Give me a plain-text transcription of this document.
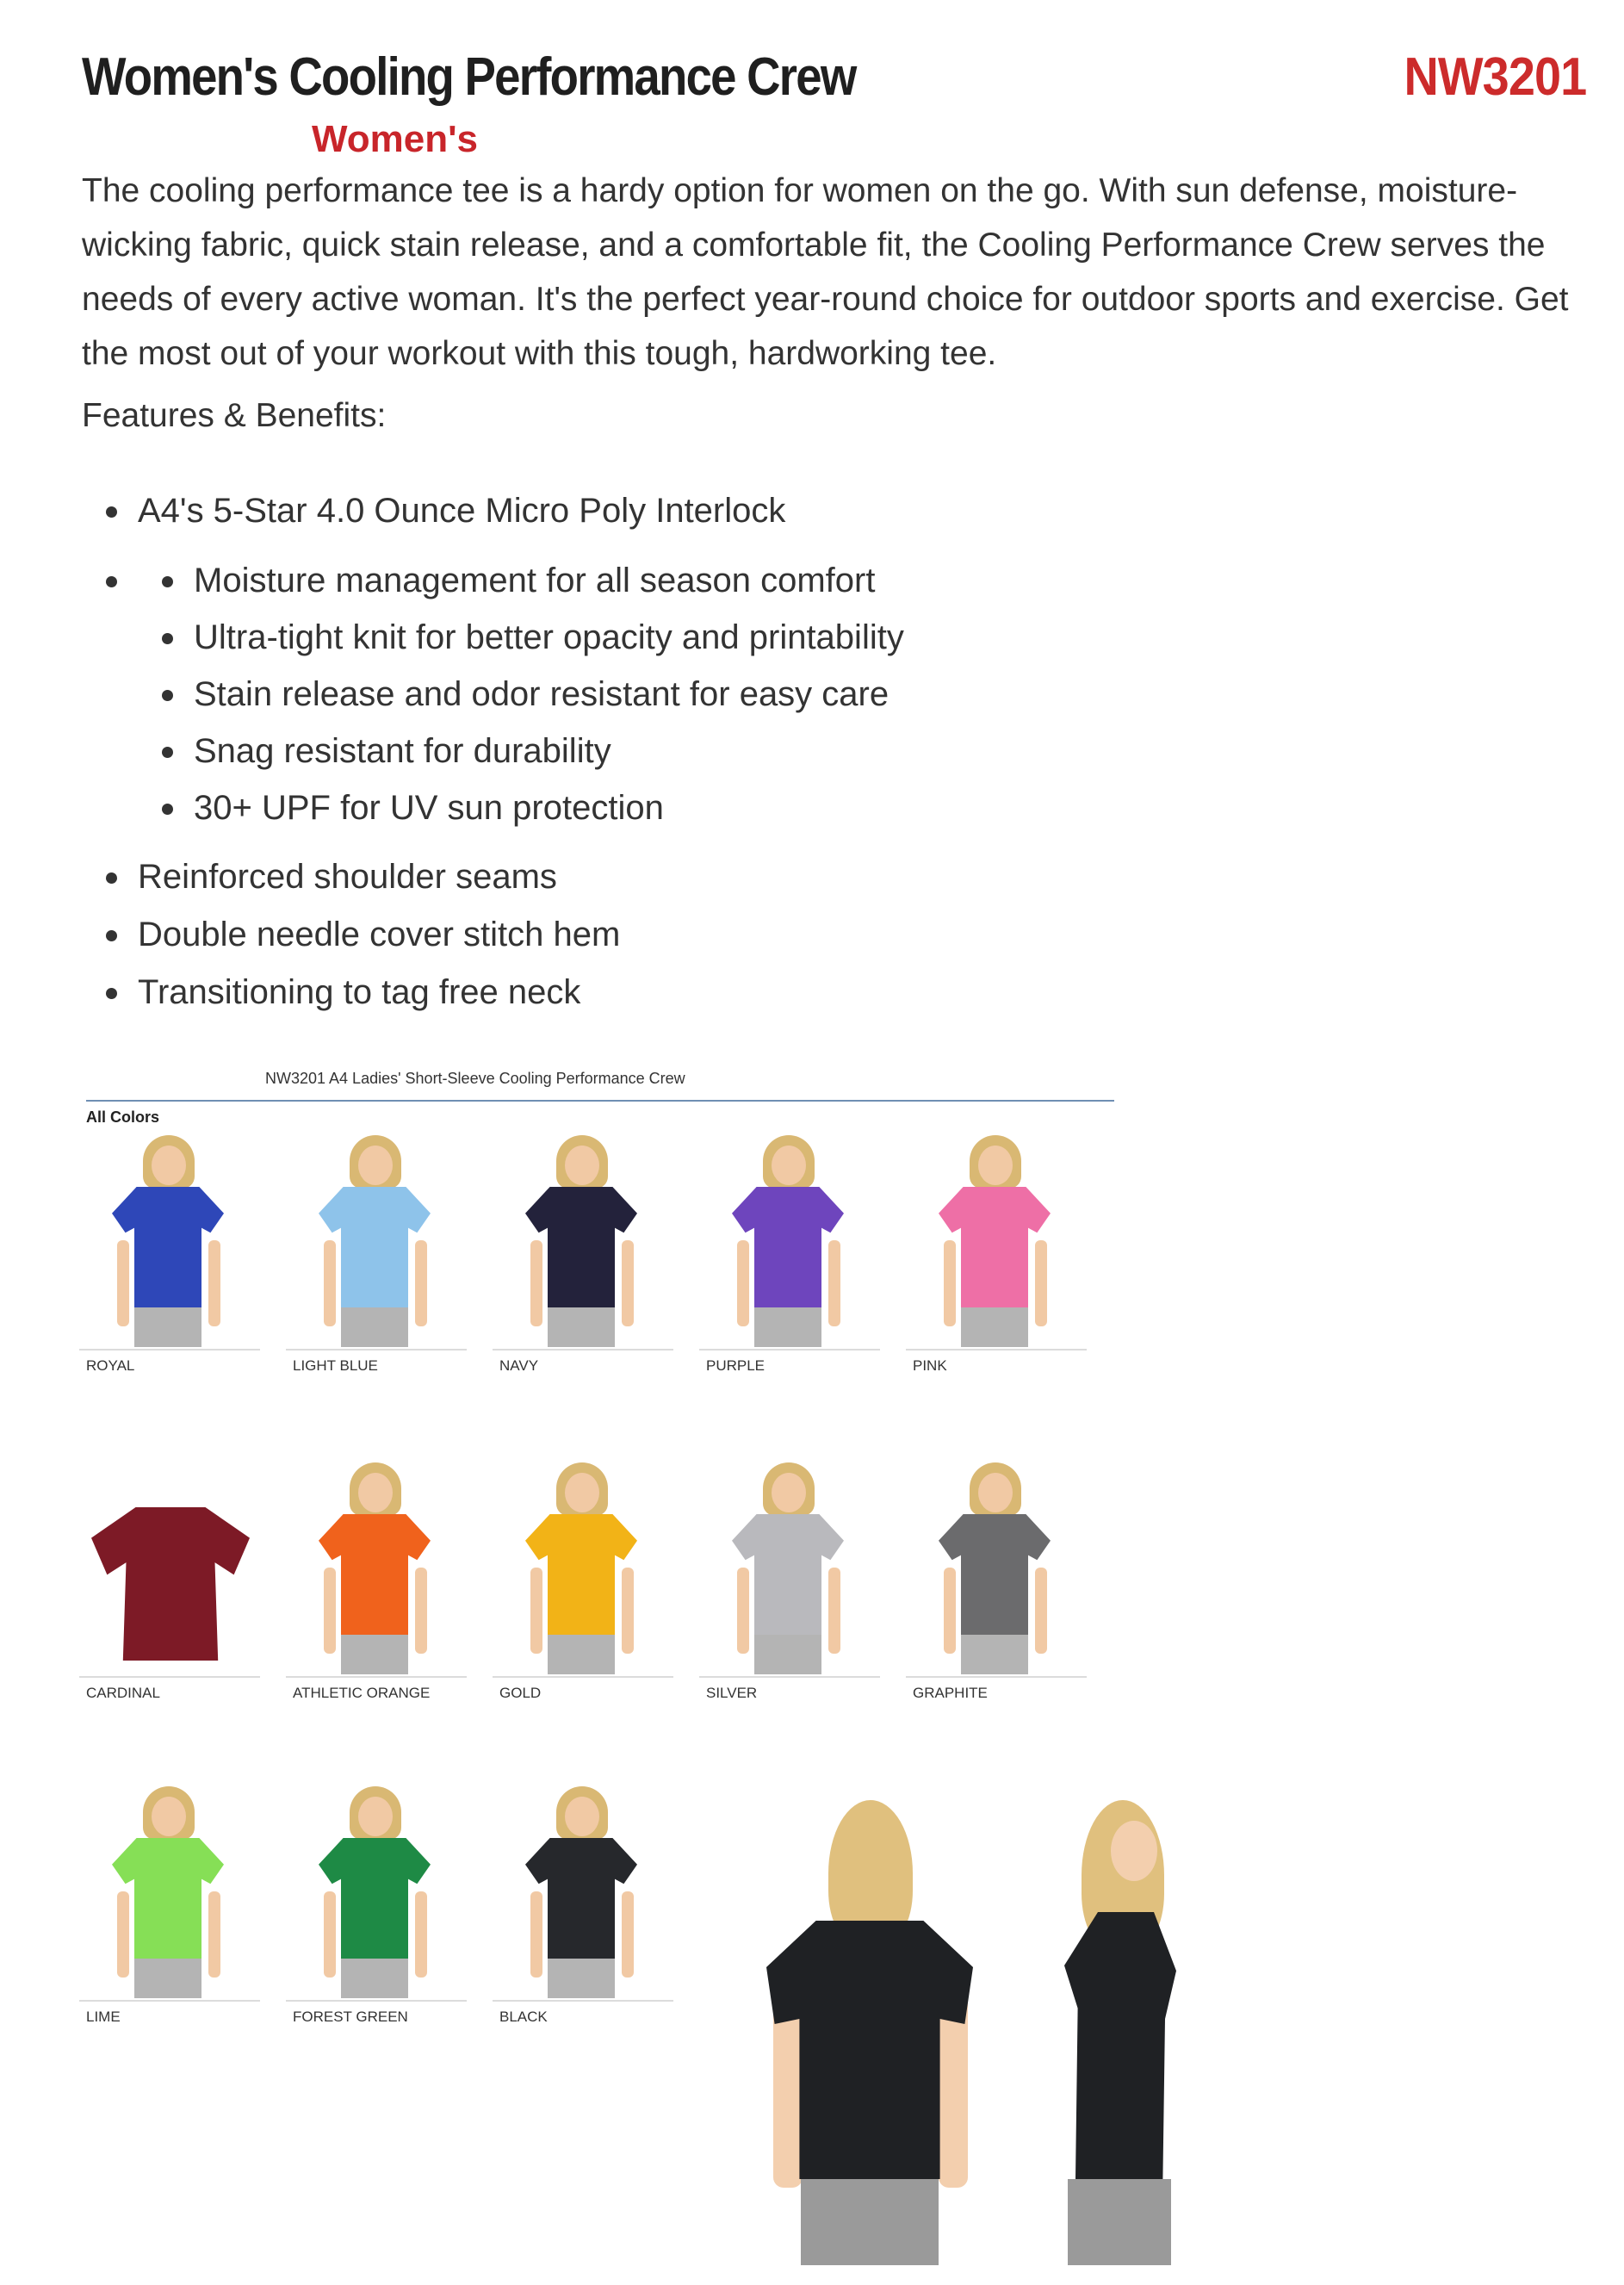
Women's Cooling Performance Crew	NW3201
Women's

The cooling performance tee is a hardy option for women on the go. With sun defense, moisture-wicking fabric, quick stain release, and a comfortable fit, the Cooling Performance Crew serves the needs of every active woman. It's the perfect year-round choice for outdoor sports and exercise. Get the most out of your workout with this tough, hardworking tee.

Features & Benefits:
A4's 5-Star 4.0 Ounce Micro Poly Interlock
Moisture management for all season comfort
Ultra-tight knit for better opacity and printability
Stain release and odor resistant for easy care
Snag resistant for durability
30+ UPF for UV sun protection
Reinforced shoulder seams
Double needle cover stitch hem
Transitioning to tag free neck
NW3201 A4 Ladies' Short-Sleeve Cooling Performance Crew
All Colors
ROYAL	LIGHT BLUE	NAVY	PURPLE	PINK
CARDINAL	ATHLETIC ORANGE	GOLD	SILVER	GRAPHITE
LIME	FOREST GREEN	BLACK
